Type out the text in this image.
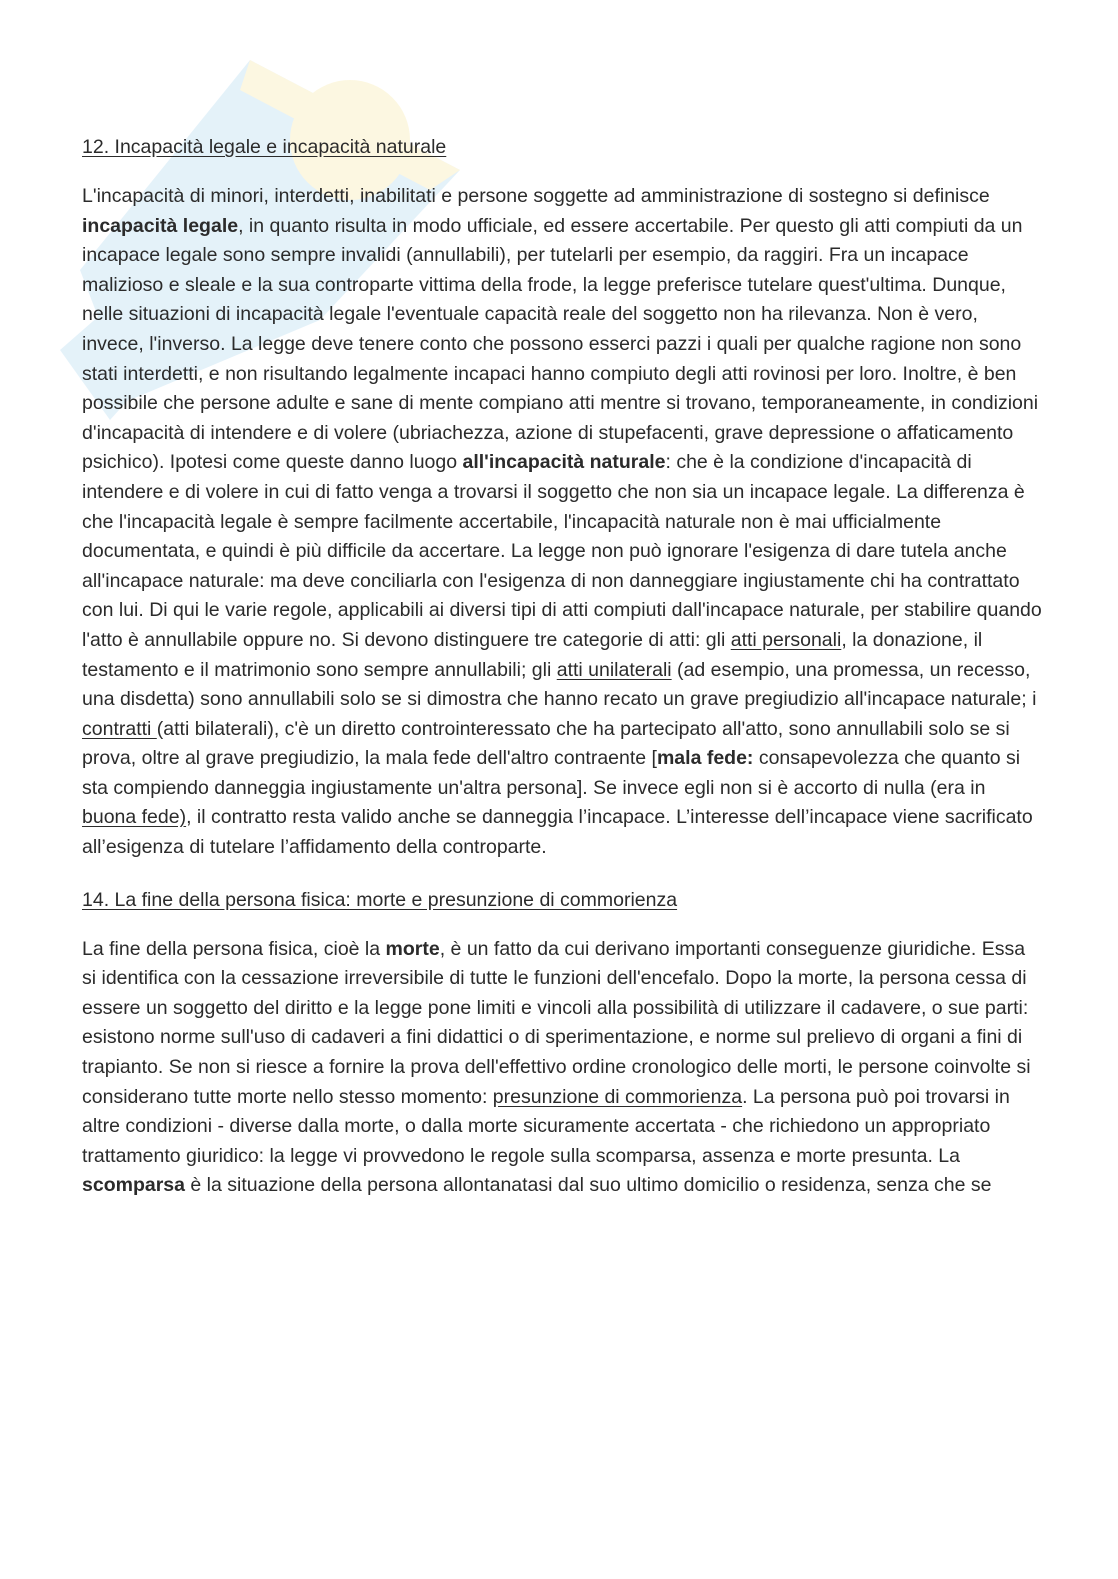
12. Incapacità legale e incapacità naturale

L'incapacità di minori, interdetti, inabilitati e persone soggette ad amministrazione di sostegno si definisce incapacità legale, in quanto risulta in modo ufficiale, ed essere accertabile. Per questo gli atti compiuti da un incapace legale sono sempre invalidi (annullabili), per tutelarli per esempio, da raggiri. Fra un incapace malizioso e sleale e la sua controparte vittima della frode, la legge preferisce tutelare quest'ultima. Dunque, nelle situazioni di incapacità legale l'eventuale capacità reale del soggetto non ha rilevanza. Non è vero, invece, l'inverso. La legge deve tenere conto che possono esserci pazzi i quali per qualche ragione non sono stati interdetti, e non risultando legalmente incapaci hanno compiuto degli atti rovinosi per loro. Inoltre, è ben possibile che persone adulte e sane di mente compiano atti mentre si trovano, temporaneamente, in condizioni d'incapacità di intendere e di volere (ubriachezza, azione di stupefacenti, grave depressione o affaticamento psichico). Ipotesi come queste danno luogo all'incapacità naturale: che è la condizione d'incapacità di intendere e di volere in cui di fatto venga a trovarsi il soggetto che non sia un incapace legale. La differenza è che l'incapacità legale è sempre facilmente accertabile, l'incapacità naturale non è mai ufficialmente documentata, e quindi è più difficile da accertare. La legge non può ignorare l'esigenza di dare tutela anche all'incapace naturale: ma deve conciliarla con l'esigenza di non danneggiare ingiustamente chi ha contrattato con lui. Di qui le varie regole, applicabili ai diversi tipi di atti compiuti dall'incapace naturale, per stabilire quando l'atto è annullabile oppure no. Si devono distinguere tre categorie di atti: gli atti personali, la donazione, il testamento e il matrimonio sono sempre annullabili; gli atti unilaterali (ad esempio, una promessa, un recesso, una disdetta) sono annullabili solo se si dimostra che hanno recato un grave pregiudizio all'incapace naturale; i contratti (atti bilaterali), c'è un diretto controinteressato che ha partecipato all'atto, sono annullabili solo se si prova, oltre al grave pregiudizio, la mala fede dell'altro contraente [mala fede: consapevolezza che quanto si sta compiendo danneggia ingiustamente un'altra persona]. Se invece egli non si è accorto di nulla (era in buona fede), il contratto resta valido anche se danneggia l’incapace. L’interesse dell’incapace viene sacrificato all’esigenza di tutelare l’affidamento della controparte.

14. La fine della persona fisica: morte e presunzione di commorienza

La fine della persona fisica, cioè la morte, è un fatto da cui derivano importanti conseguenze giuridiche. Essa si identifica con la cessazione irreversibile di tutte le funzioni dell'encefalo. Dopo la morte, la persona cessa di essere un soggetto del diritto e la legge pone limiti e vincoli alla possibilità di utilizzare il cadavere, o sue parti: esistono norme sull'uso di cadaveri a fini didattici o di sperimentazione, e norme sul prelievo di organi a fini di trapianto. Se non si riesce a fornire la prova dell'effettivo ordine cronologico delle morti, le persone coinvolte si considerano tutte morte nello stesso momento: presunzione di commorienza. La persona può poi trovarsi in altre condizioni - diverse dalla morte, o dalla morte sicuramente accertata - che richiedono un appropriato trattamento giuridico: la legge vi provvedono le regole sulla scomparsa, assenza e morte presunta. La scomparsa è la situazione della persona allontanatasi dal suo ultimo domicilio o residenza, senza che se
